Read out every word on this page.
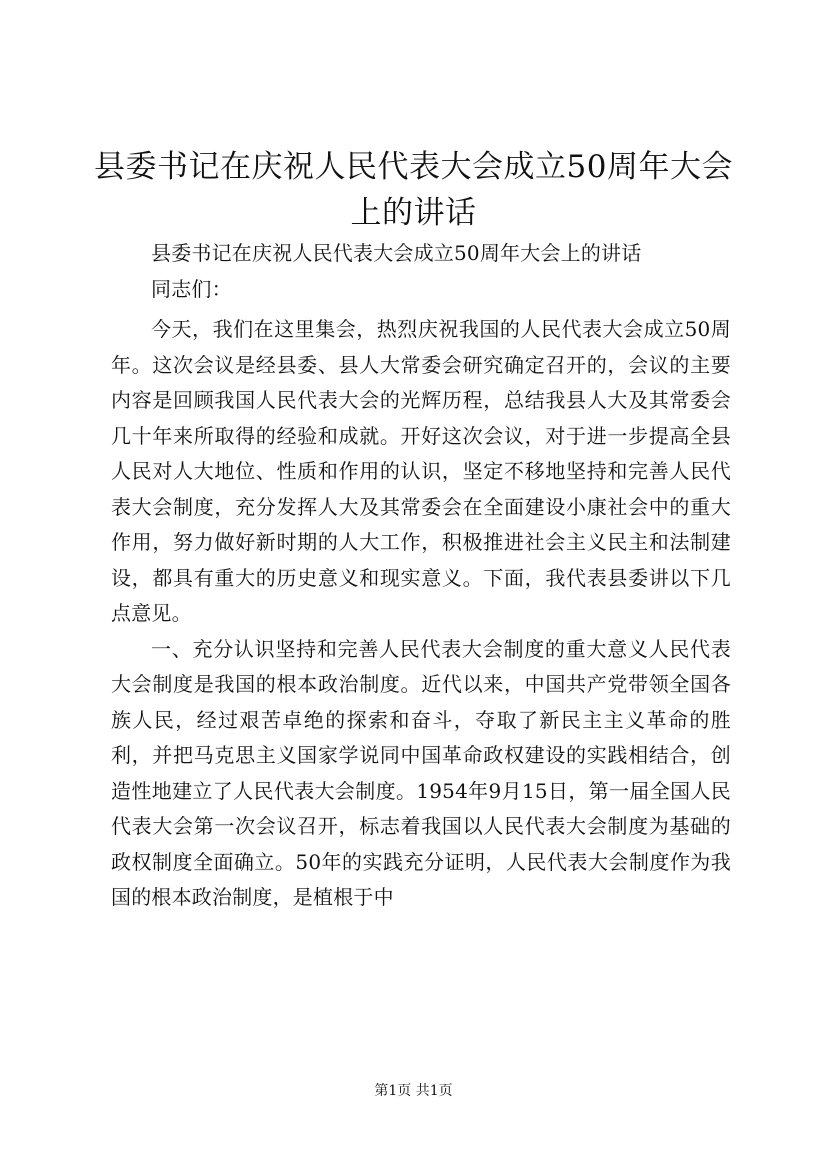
县委书记在庆祝人民代表大会成立50周年大会上的讲话

县委书记在庆祝人民代表大会成立50周年大会上的讲话

同志们：

今天，我们在这里集会，热烈庆祝我国的人民代表大会成立50周年。这次会议是经县委、县人大常委会研究确定召开的，会议的主要内容是回顾我国人民代表大会的光辉历程，总结我县人大及其常委会几十年来所取得的经验和成就。开好这次会议，对于进一步提高全县人民对人大地位、性质和作用的认识，坚定不移地坚持和完善人民代表大会制度，充分发挥人大及其常委会在全面建设小康社会中的重大作用，努力做好新时期的人大工作，积极推进社会主义民主和法制建设，都具有重大的历史意义和现实意义。下面，我代表县委讲以下几点意见。

一、充分认识坚持和完善人民代表大会制度的重大意义人民代表大会制度是我国的根本政治制度。近代以来，中国共产党带领全国各族人民，经过艰苦卓绝的探索和奋斗，夺取了新民主主义革命的胜利，并把马克思主义国家学说同中国革命政权建设的实践相结合，创造性地建立了人民代表大会制度。1954年9月15日，第一届全国人民代表大会第一次会议召开，标志着我国以人民代表大会制度为基础的政权制度全面确立。50年的实践充分证明，人民代表大会制度作为我国的根本政治制度，是植根于中

第1页 共1页
